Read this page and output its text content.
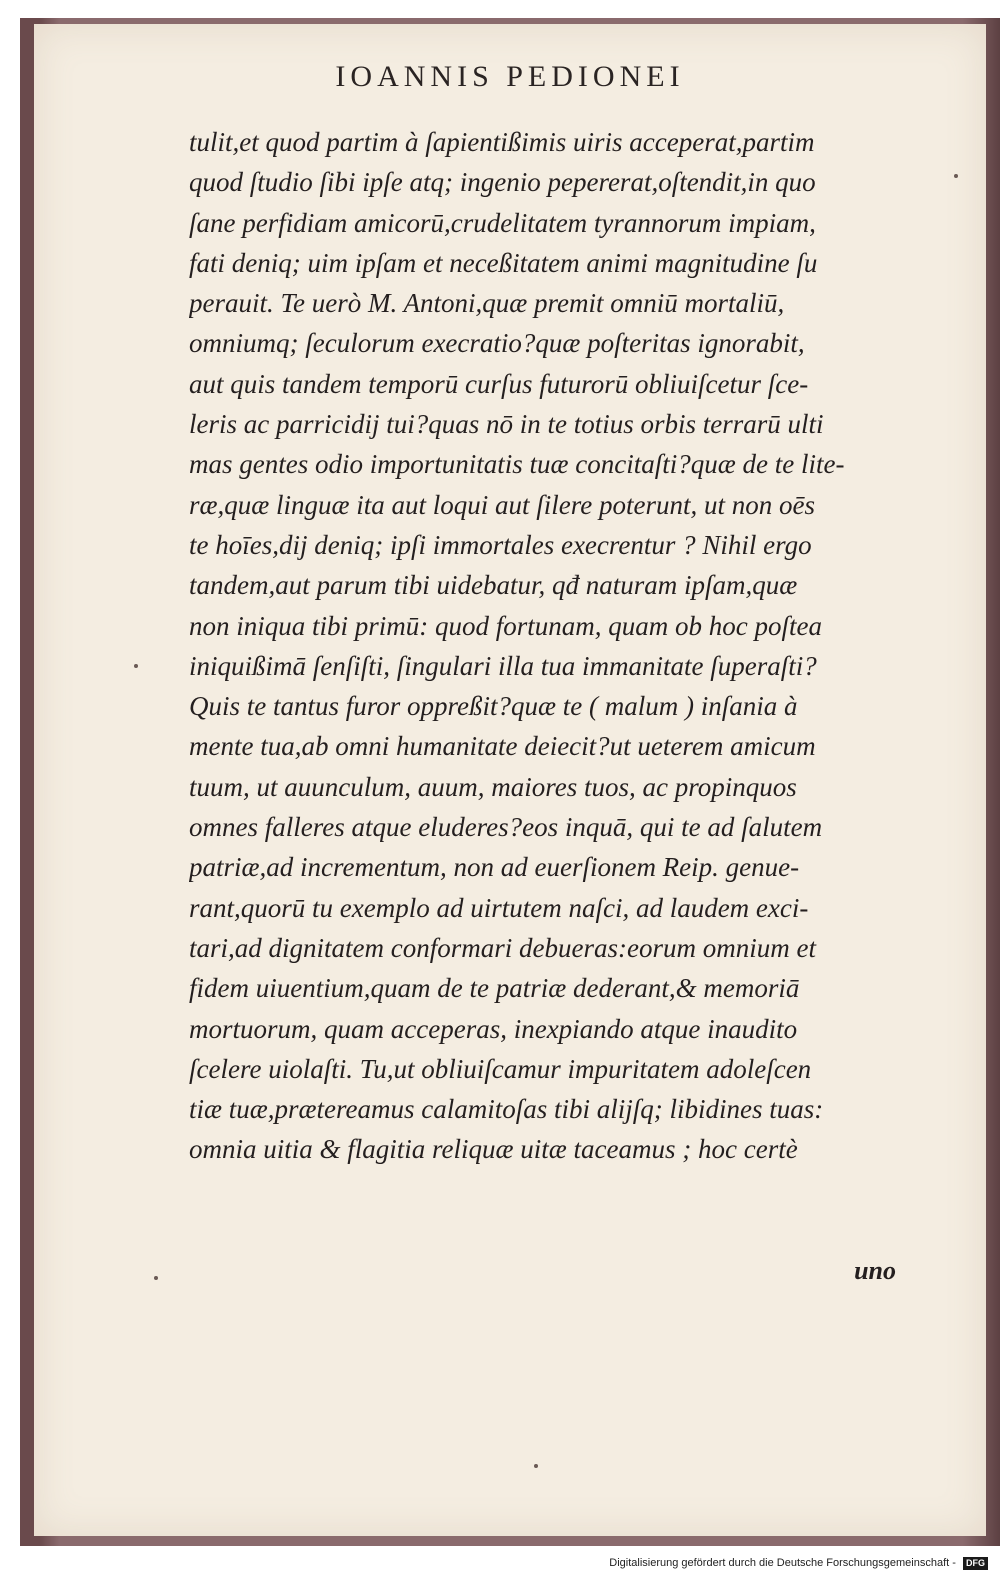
IOANNIS PEDIONEI
tulit,et quod partim à ſapientißimis uiris acceperat,partim
quod ſtudio ſibi ipſe atq; ingenio pepererat,oſtendit,in quo
ſane perfidiam amicorū,crudelitatem tyrannorum impiam,
fati deniq; uim ipſam et neceßitatem animi magnitudine ſu
perauit. Te uerò M. Antoni,quæ premit omniū mortaliū,
omniumq; ſeculorum execratio?quæ poſteritas ignorabit,
aut quis tandem temporū curſus futurorū obliuiſcetur ſce-
leris ac parricidij tui?quas nō in te totius orbis terrarū ulti
mas gentes odio importunitatis tuæ concitaſti?quæ de te lite-
ræ,quæ linguæ ita aut loqui aut ſilere poterunt, ut non oēs
te hoīes,dij deniq; ipſi immortales execrentur ? Nihil ergo
tandem,aut parum tibi uidebatur, qđ naturam ipſam,quæ
non iniqua tibi primū: quod fortunam, quam ob hoc poſtea
iniquißimā ſenſiſti, ſingulari illa tua immanitate ſuperaſti?
Quis te tantus furor oppreßit?quæ te ( malum ) inſania à
mente tua,ab omni humanitate deiecit?ut ueterem amicum
tuum, ut auunculum, auum, maiores tuos, ac propinquos
omnes falleres atque eluderes?eos inquā, qui te ad ſalutem
patriæ,ad incrementum, non ad euerſionem Reip. genue-
rant,quorū tu exemplo ad uirtutem naſci, ad laudem exci-
tari,ad dignitatem conformari debueras:eorum omnium et
fidem uiuentium,quam de te patriæ dederant,& memoriā
mortuorum, quam acceperas, inexpiando atque inaudito
ſcelere uiolaſti. Tu,ut obliuiſcamur impuritatem adoleſcen
tiæ tuæ,prætereamus calamitoſas tibi alijſq; libidines tuas:
omnia uitia & flagitia reliquæ uitæ taceamus ; hoc certè
uno
Digitalisierung gefördert durch die Deutsche Forschungsgemeinschaft - DFG
